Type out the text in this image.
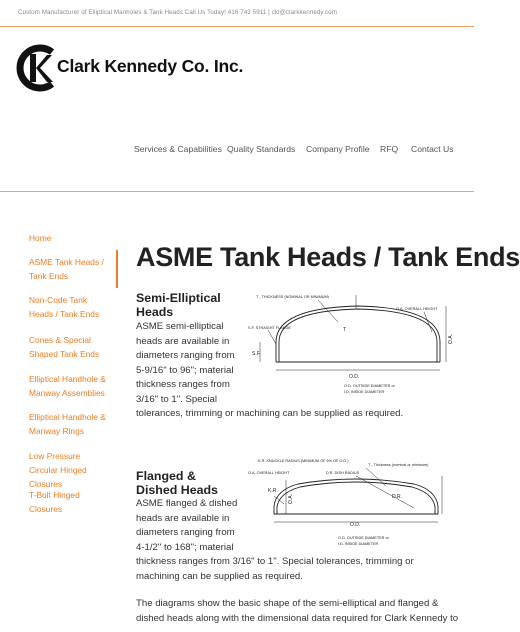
Custom Manufacturer of Elliptical Manholes & Tank Heads Call Us Today! 416 743 5911 | ckl@clarkkennedy.com
Clark Kennedy Co. Inc.
Services & Capabilities Quality Standards Company Profile RFQ Contact Us
Home
ASME Tank Heads / Tank Ends
Non-Code Tank Heads / Tank Ends
Cones & Special Shaped Tank Ends
Elliptical Handhole & Manway Assemblies
Elliptical Handhole & Manway Rings
Low Pressure Circular Hinged Closures
T-Bolt Hinged Closures
ASME Tank Heads / Tank Ends
Semi-Elliptical Heads
ASME semi-elliptical
heads are available in
diameters ranging from
5-9/16" to 96"; material
thickness ranges from
3/16" to 1". Special
tolerances, trimming or machining can be supplied as required.
T - THICKNESS (NOMINAL OR MINIMUM)
O.A. OVERALL HEIGHT
S.F. STRAIGHT FLANGE
S.F.
T
O.A.
O.D.
O.D. OUTSIDE DIAMETER or
I.D. INSIDE DIAMETER
Flanged & Dished Heads
ASME flanged & dished
heads are available in
diameters ranging from
4-1/2" to 168"; material
thickness ranges from 3/16" to 1". Special tolerances, trimming or
machining can be supplied as required.
K.R. KNUCKLE RADIUS (MINIMUM OF 6% OF O.D.)
T - Thickness (nominal or minimum)
O.A. OVERALL HEIGHT	D.R. DISH RADIUS
K.R.
O.A.	D.R.
O.D.
O.D. OUTSIDE DIAMETER or
I.D. INSIDE DIAMETER
The diagrams show the basic shape of the semi-elliptical and flanged &
dished heads along with the dimensional data required for Clark Kennedy to
